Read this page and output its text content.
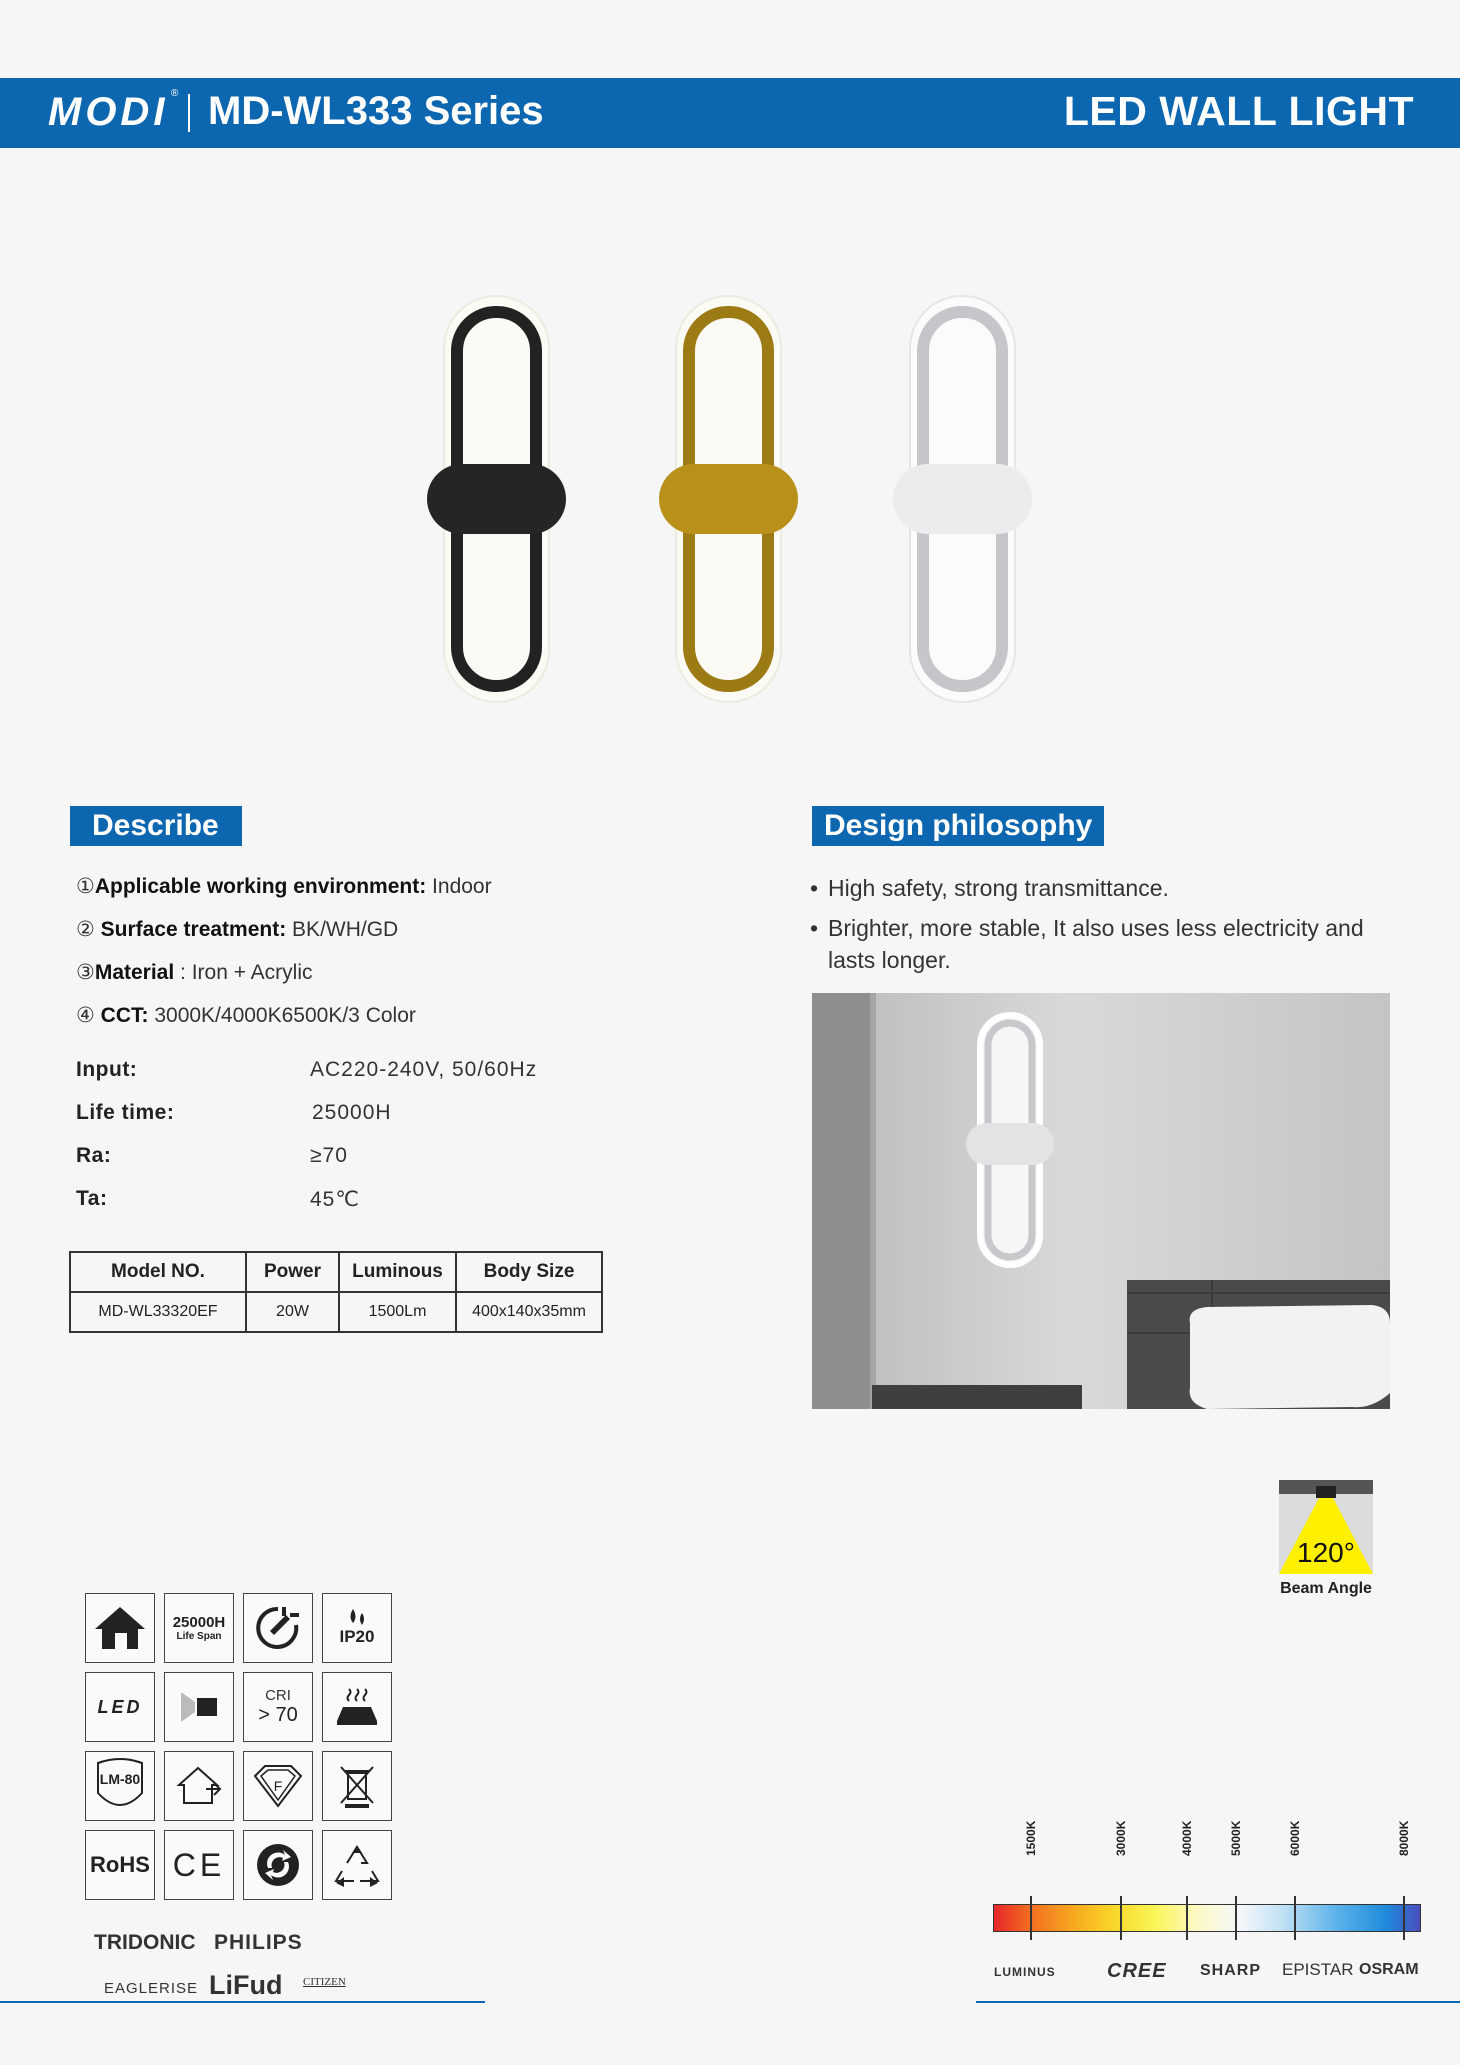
MODI ® MD-WL333 Series	LED WALL LIGHT
Describe
①Applicable working environment: Indoor
② Surface treatment: BK/WH/GD
③Material : Iron + Acrylic
④ CCT: 3000K/4000K6500K/3 Color
Input:	AC220-240V, 50/60Hz
Life time:	25000H
Ra:	≥70
Ta:	45℃
Model NO.	Power	Luminous	Body Size
MD-WL33320EF	20W	1500Lm	400x140x35mm
Design philosophy
• High safety, strong transmittance.
• Brighter, more stable, It also uses less electricity and lasts longer.
120°
Beam Angle
25000H
Life Span	IP20
LED
CRI
> 70
LM-80	F
RoHS CE
TRIDONIC PHILIPS
EAGLERISE LiFud CITIZEN
1500K	3000K	4000K	5000K	6000K	8000K
LUMINUS	CREE SHARP EPISTAR OSRAM
